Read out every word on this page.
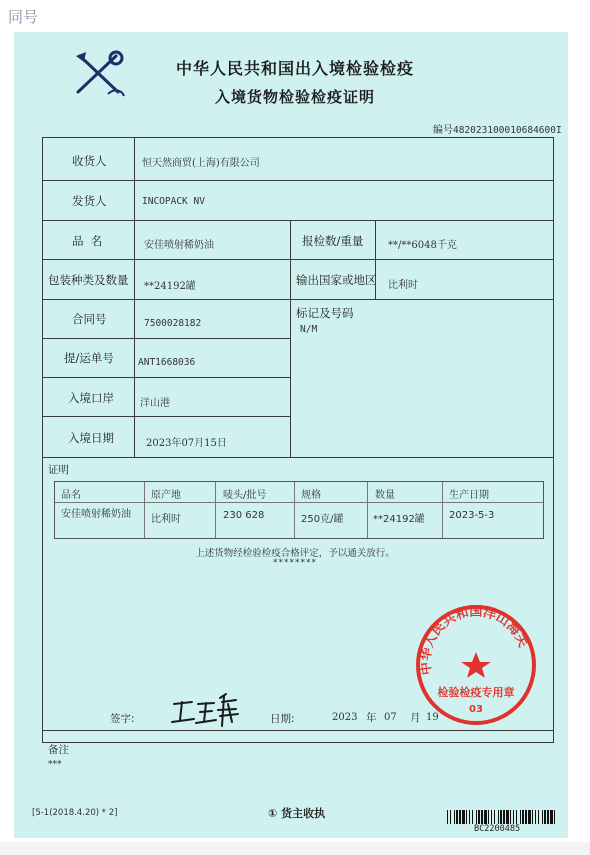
同号
中华人民共和国出入境检验检疫
入境货物检验检疫证明
编号482023100010684600I
收货人	恒天然商贸(上海)有限公司
发货人	INCOPACK NV
品  名	安佳喷射稀奶油	报检数/重量 **/**6048千克
包装种类及数量 **24192罐	输出国家或地区 比利时
合同号	7500028182
标记及号码
N/M
提/运单号	ANT1668036
入境口岸	洋山港
入境日期	2023年07月15日
证明
品名	原产地	唛头/批号	规格	数量	生产日期
安佳喷射稀奶油	比利时	230 628	250克/罐	**24192罐 2023-5-3
上述货物经检验检疫合格评定，予以通关放行。
********
签字:	日期:	2023 年 07 月 19
中华人民共和国洋山海关
检验检疫专用章
03
备注
***
[5-1(2018.4.20) * 2]	① 货主收执
BC2200485
